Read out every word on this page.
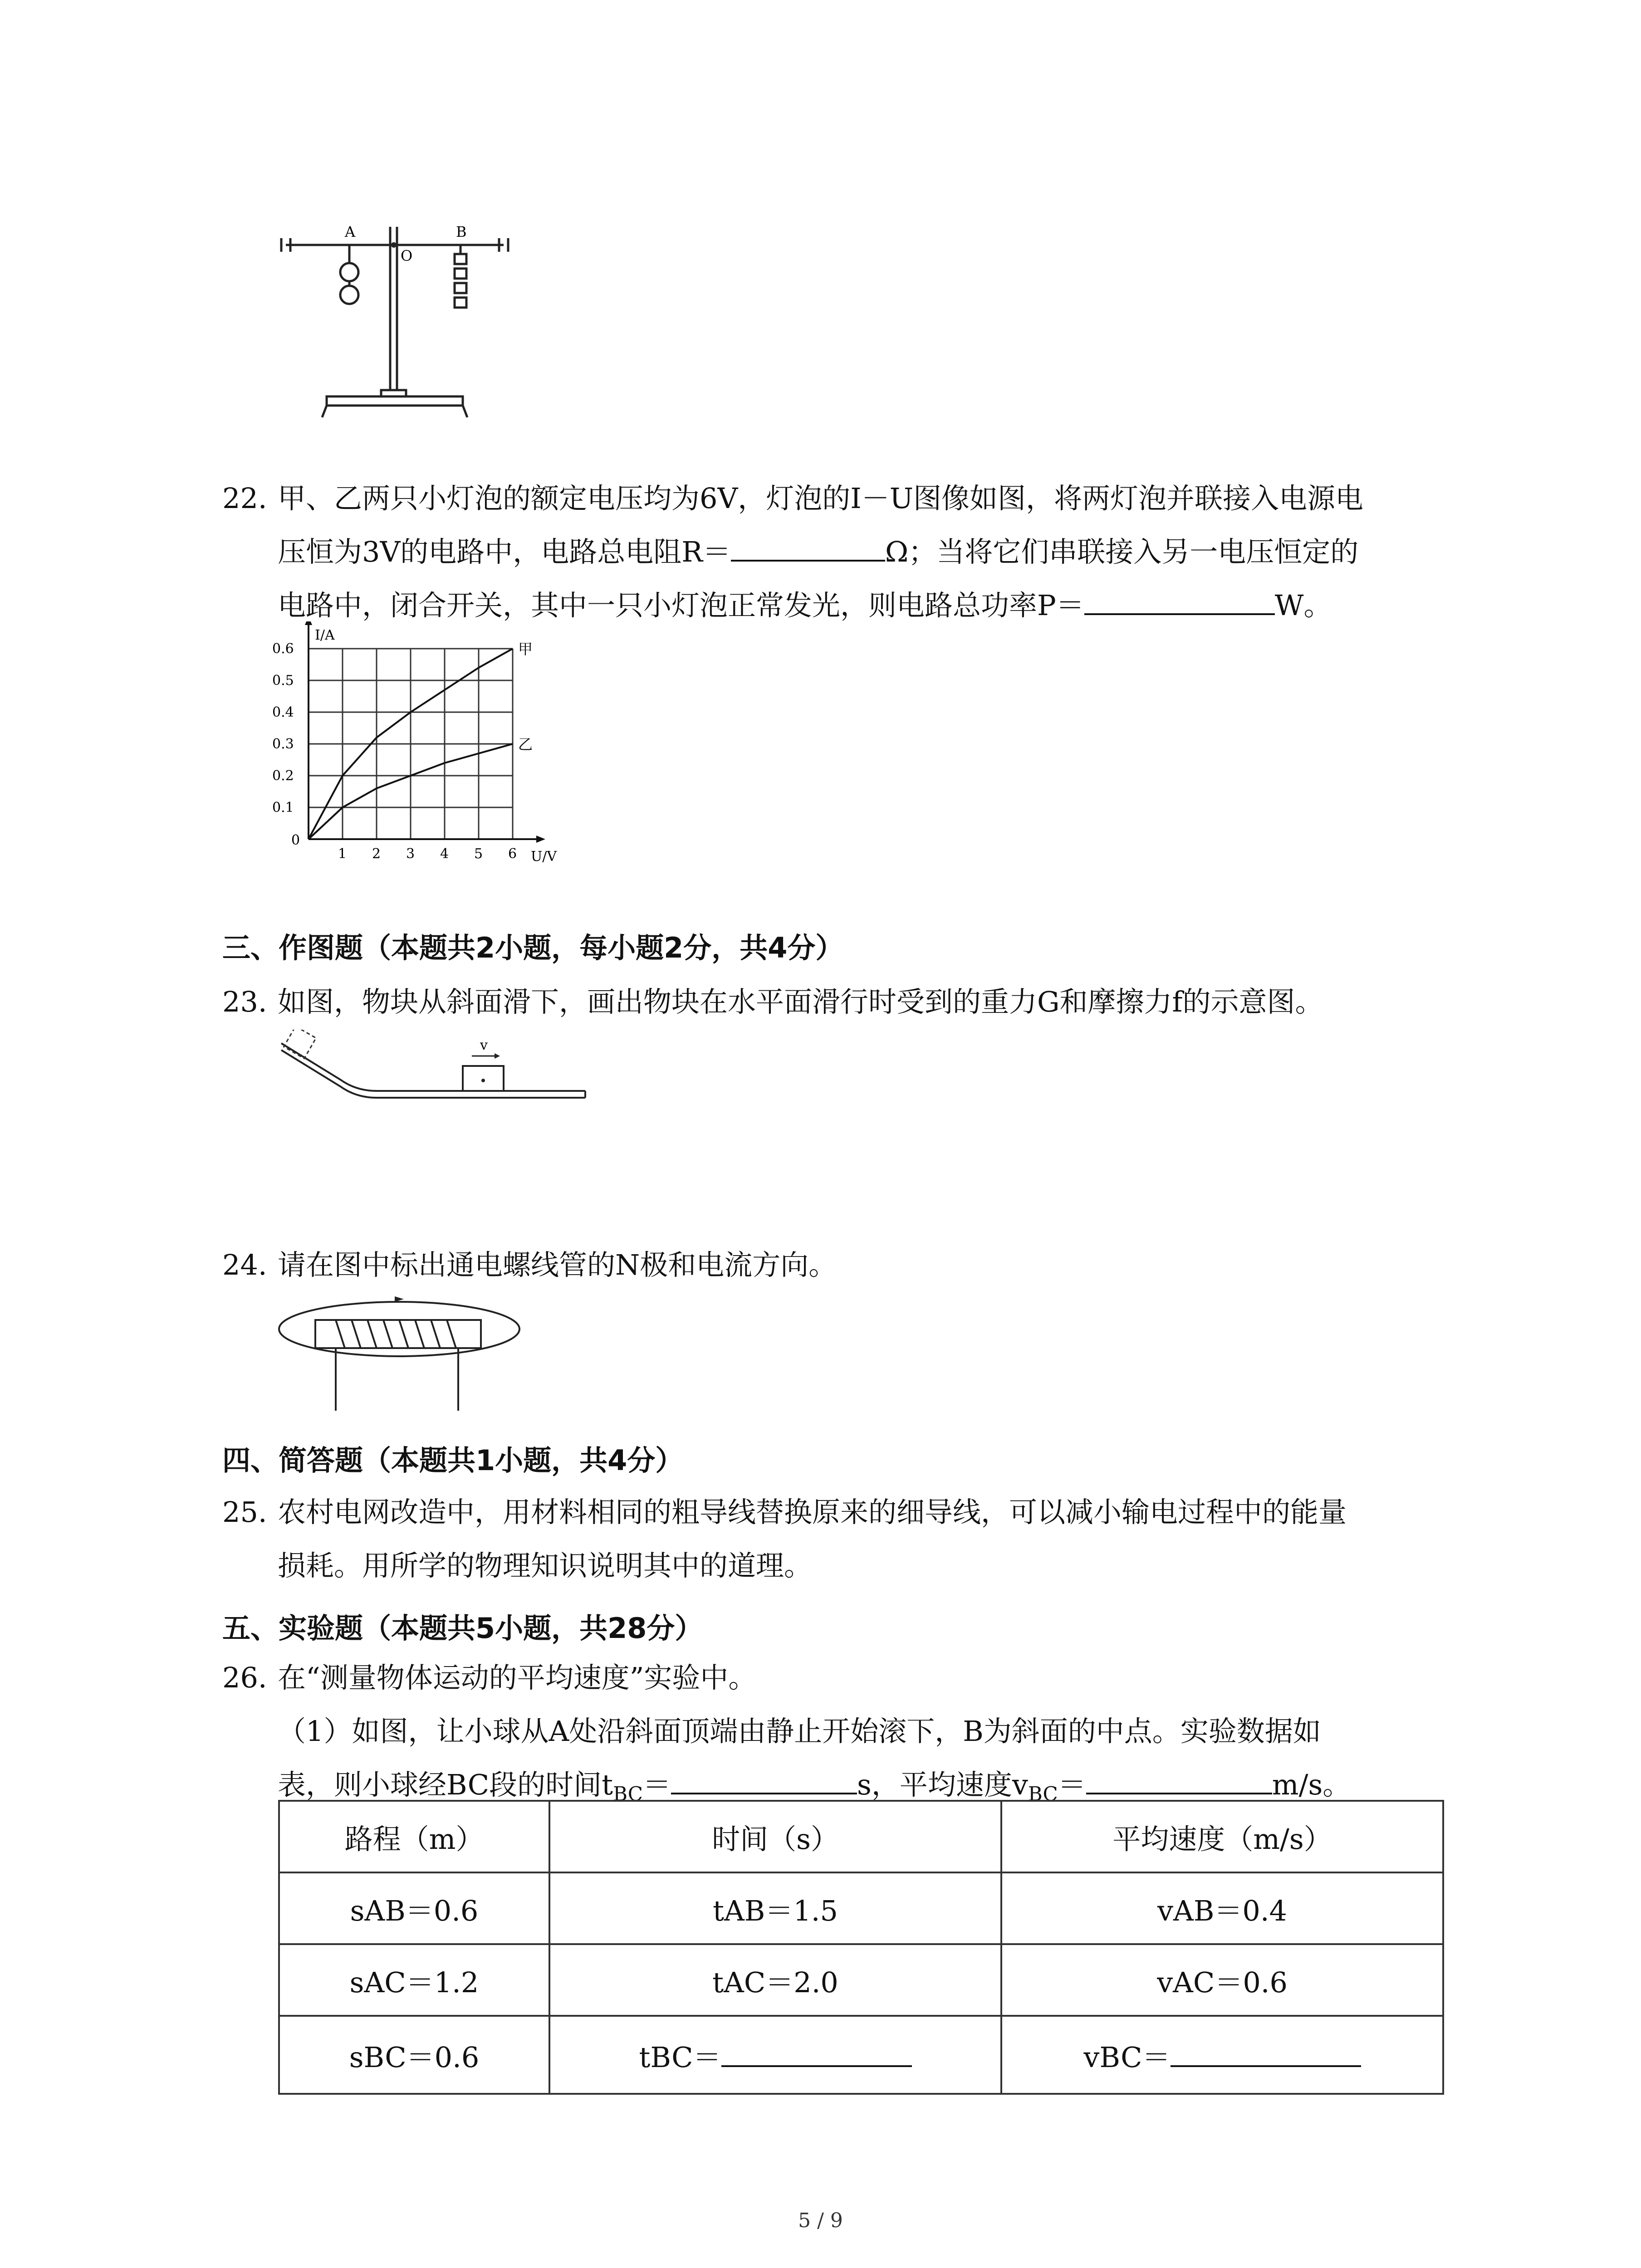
A
O
B
22. 甲、乙两只小灯泡的额定电压均为6V，灯泡的I－U图像如图，将两灯泡并联接入电源电
压恒为3V的电路中，电路总电阻R＝	Ω；当将它们串联接入另一电压恒定的
电路中，闭合开关，其中一只小灯泡正常发光，则电路总功率P＝	W。
1 2 3 4 5 6
0.1
0.2
0.3
0.4
0.5
0.6
0
I/A
U/V
甲
乙
三、作图题（本题共2小题，每小题2分，共4分）
23. 如图，物块从斜面滑下，画出物块在水平面滑行时受到的重力G和摩擦力f的示意图。
v
24. 请在图中标出通电螺线管的N极和电流方向。
四、简答题（本题共1小题，共4分）
25. 农村电网改造中，用材料相同的粗导线替换原来的细导线，可以减小输电过程中的能量
损耗。用所学的物理知识说明其中的道理。
五、实验题（本题共5小题，共28分）
26. 在“测量物体运动的平均速度”实验中。
（1）如图，让小球从A处沿斜面顶端由静止开始滚下，B为斜面的中点。实验数据如
表，则小球经BC段的时间$t_{BC}=$	s，平均速度$v_{BC}=$	m/s。
路程（m）	时间（s）	平均速度（m/s）
sAB＝0.6	tAB＝1.5	vAB＝0.4
sAC＝1.2	tAC＝2.0	vAC＝0.6
sBC＝0.6	tBC＝	vBC＝
5 / 9
